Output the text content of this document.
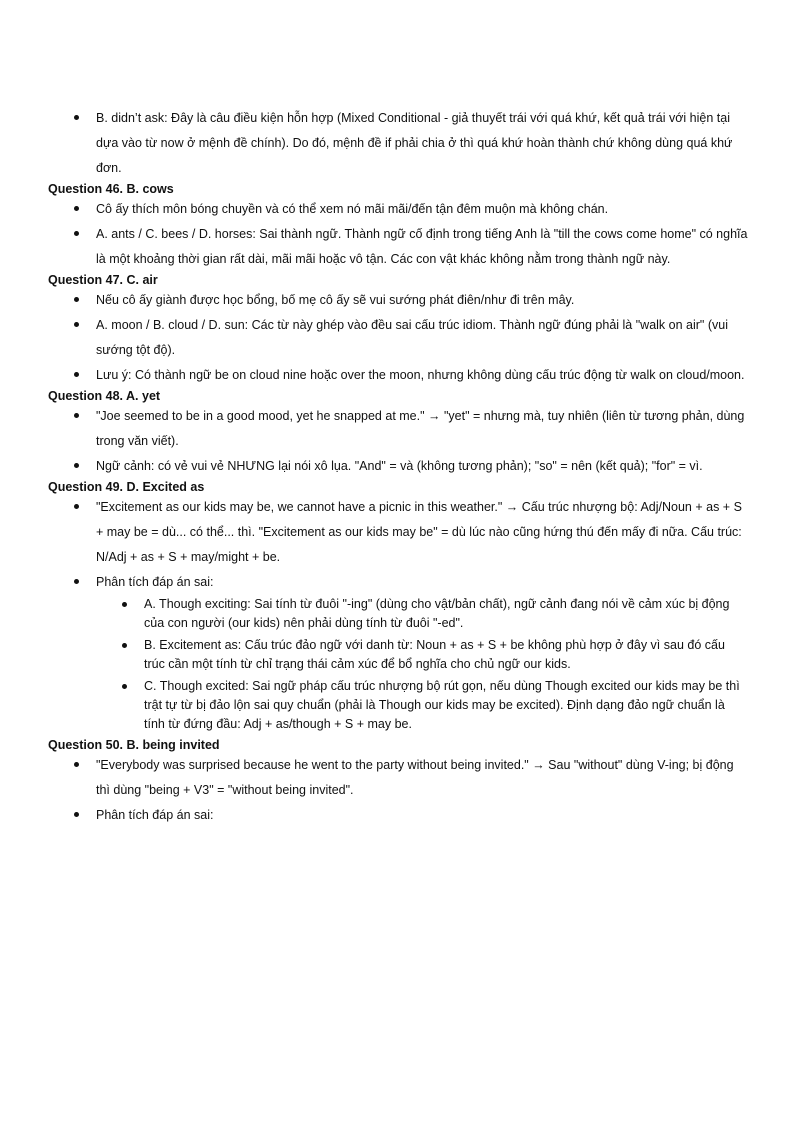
B. didn’t ask: Đây là câu điều kiện hỗn hợp (Mixed Conditional - giả thuyết trái với quá khứ, kết quả trái với hiện tại dựa vào từ now ở mệnh đề chính). Do đó, mệnh đề if phải chia ở thì quá khứ hoàn thành chứ không dùng quá khứ đơn.
Question 46. B. cows
Cô ấy thích môn bóng chuyền và có thể xem nó mãi mãi/đến tận đêm muộn mà không chán.
A. ants / C. bees / D. horses: Sai thành ngữ. Thành ngữ cố định trong tiếng Anh là "till the cows come home" có nghĩa là một khoảng thời gian rất dài, mãi mãi hoặc vô tận. Các con vật khác không nằm trong thành ngữ này.
Question 47. C. air
Nếu cô ấy giành được học bổng, bố mẹ cô ấy sẽ vui sướng phát điên/như đi trên mây.
A. moon / B. cloud / D. sun: Các từ này ghép vào đều sai cấu trúc idiom. Thành ngữ đúng phải là "walk on air" (vui sướng tột độ).
Lưu ý: Có thành ngữ be on cloud nine hoặc over the moon, nhưng không dùng cấu trúc động từ walk on cloud/moon.
Question 48. A. yet
"Joe seemed to be in a good mood, yet he snapped at me." → "yet" = nhưng mà, tuy nhiên (liên từ tương phản, dùng trong văn viết).
Ngữ cảnh: có vẻ vui vẻ NHƯNG lại nói xô lụa. "And" = và (không tương phản); "so" = nên (kết quả); "for" = vì.
Question 49. D. Excited as
"Excitement as our kids may be, we cannot have a picnic in this weather." → Cấu trúc nhượng bộ: Adj/Noun + as + S + may be = dù... có thể... thì. "Excitement as our kids may be" = dù lúc nào cũng hứng thú đến mấy đi nữa. Cấu trúc: N/Adj + as + S + may/might + be.
Phân tích đáp án sai:
A. Though exciting: Sai tính từ đuôi "-ing" (dùng cho vật/bản chất), ngữ cảnh đang nói về cảm xúc bị động của con người (our kids) nên phải dùng tính từ đuôi "-ed".
B. Excitement as: Cấu trúc đảo ngữ với danh từ: Noun + as + S + be không phù hợp ở đây vì sau đó cấu trúc cần một tính từ chỉ trạng thái cảm xúc để bổ nghĩa cho chủ ngữ our kids.
C. Though excited: Sai ngữ pháp cấu trúc nhượng bộ rút gọn, nếu dùng Though excited our kids may be thì trật tự từ bị đảo lộn sai quy chuẩn (phải là Though our kids may be excited). Định dạng đảo ngữ chuẩn là tính từ đứng đầu: Adj + as/though + S + may be.
Question 50. B. being invited
"Everybody was surprised because he went to the party without being invited." → Sau "without" dùng V-ing; bị động thì dùng "being + V3" = "without being invited".
Phân tích đáp án sai:
